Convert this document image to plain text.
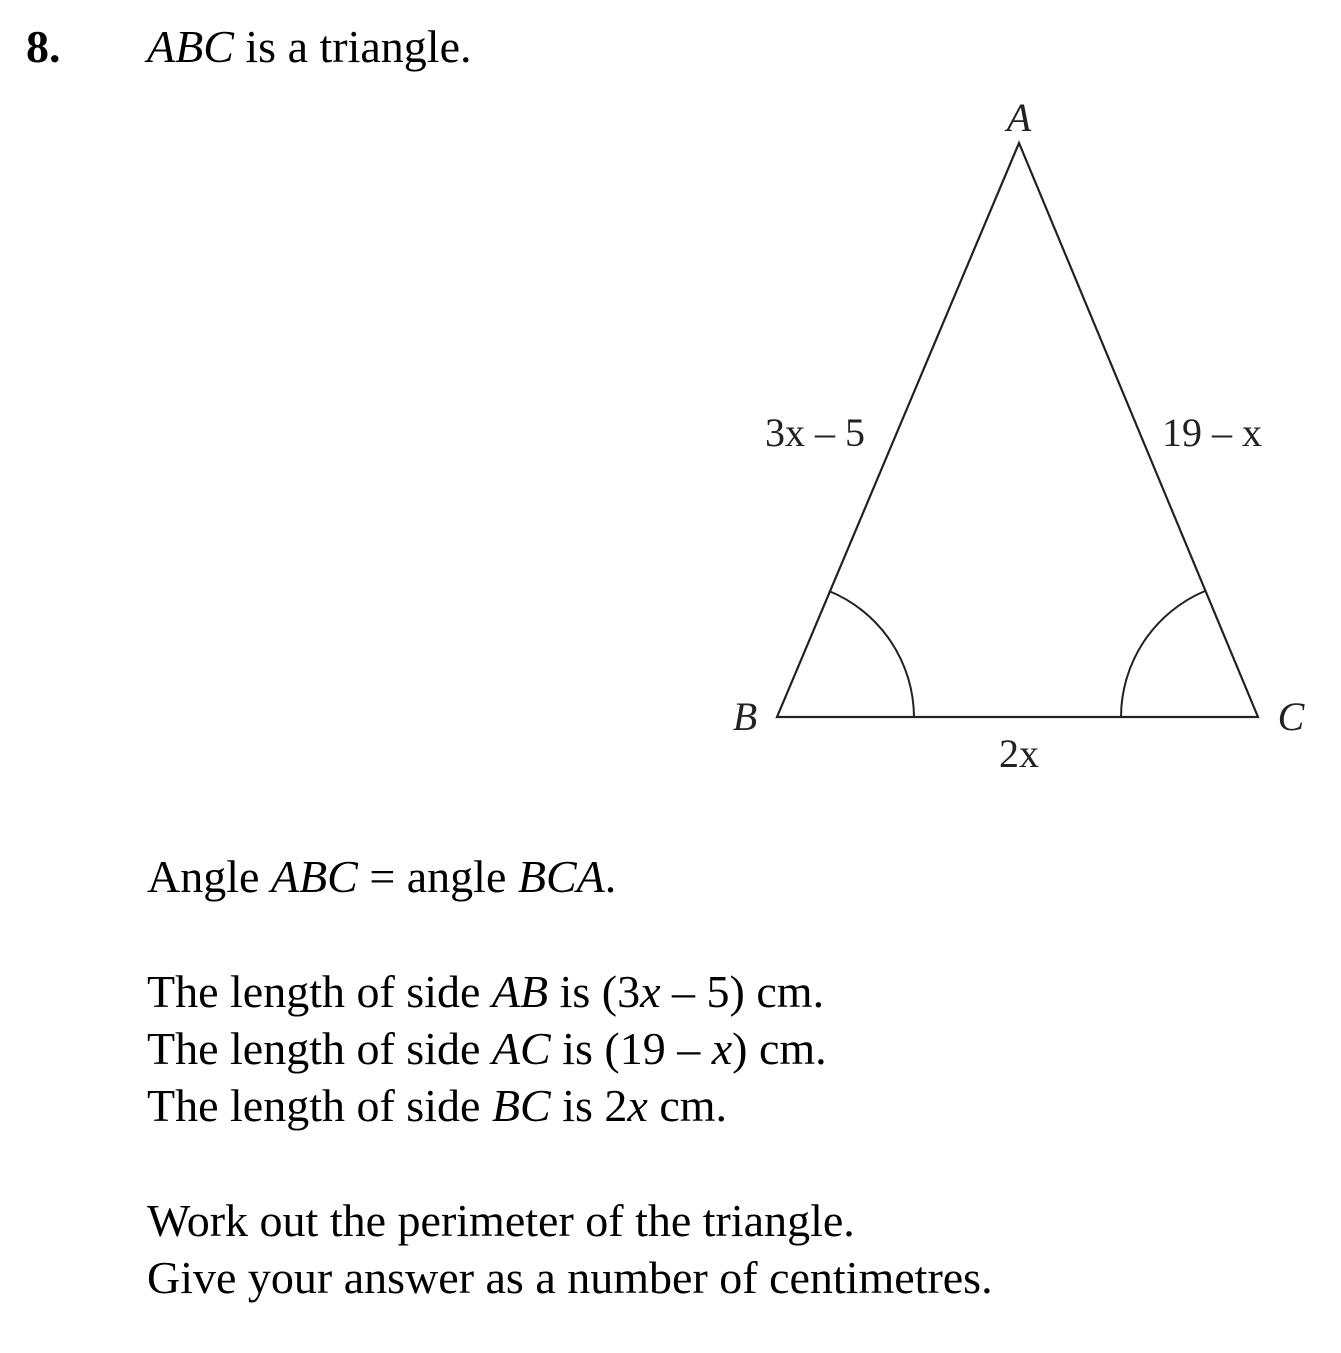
8. ABC is a triangle.
A
B	C
3x – 5	19 – x
2x
Angle ABC = angle BCA.
The length of side AB is (3x – 5) cm.
The length of side AC is (19 – x) cm.
The length of side BC is 2x cm.
Work out the perimeter of the triangle.
Give your answer as a number of centimetres.
